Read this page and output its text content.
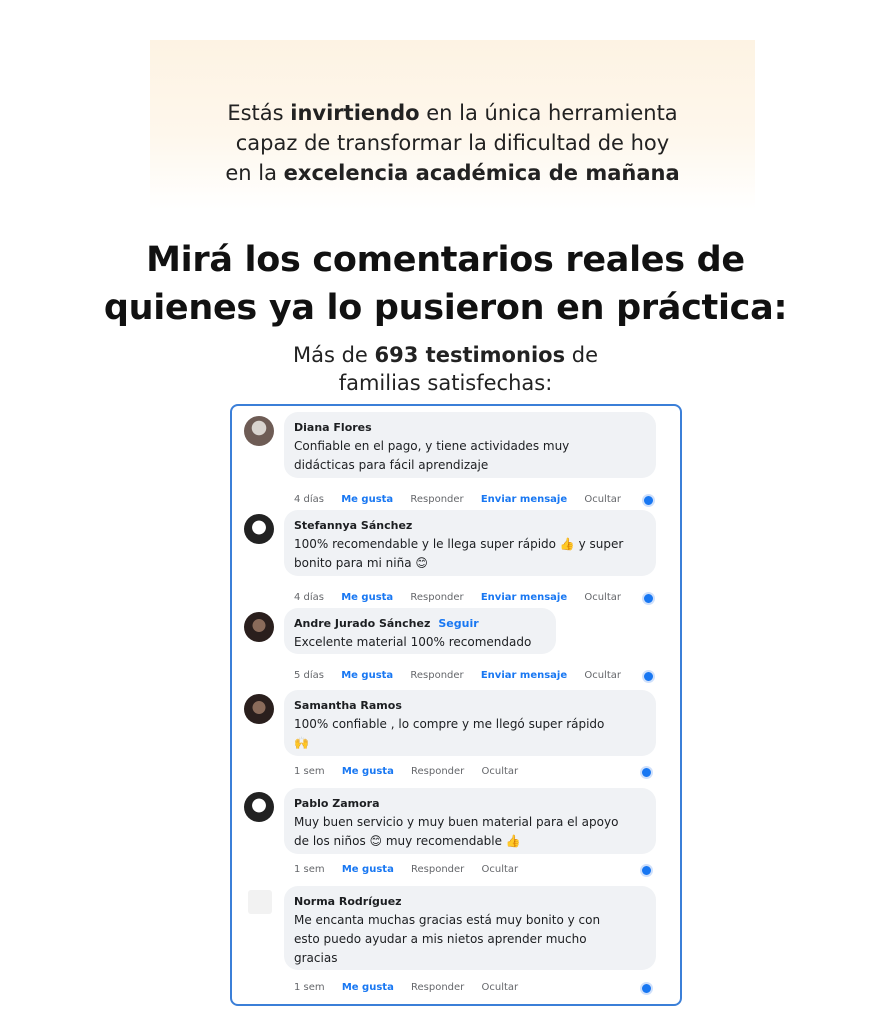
Estás invirtiendo en la única herramienta
capaz de transformar la dificultad de hoy
en la excelencia académica de mañana
Mirá los comentarios reales de
quienes ya lo pusieron en práctica:
Más de 693 testimonios de
familias satisfechas:
Diana Flores
Confiable en el pago, y tiene actividades muy
didácticas para fácil aprendizaje
4 días Me gusta Responder Enviar mensaje Ocultar
Stefannya Sánchez
100% recomendable y le llega super rápido 👍 y super
bonito para mi niña 😊
4 días Me gusta Responder Enviar mensaje Ocultar
Andre Jurado Sánchez Seguir
Excelente material 100% recomendado
5 días Me gusta Responder Enviar mensaje Ocultar
Samantha Ramos
100% confiable , lo compre y me llegó super rápido
🙌
1 sem Me gusta Responder Ocultar
Pablo Zamora
Muy buen servicio y muy buen material para el apoyo
de los niños 😊 muy recomendable 👍
1 sem Me gusta Responder Ocultar
Norma Rodríguez
Me encanta muchas gracias está muy bonito y con
esto puedo ayudar a mis nietos aprender mucho
gracias
1 sem Me gusta Responder Ocultar
